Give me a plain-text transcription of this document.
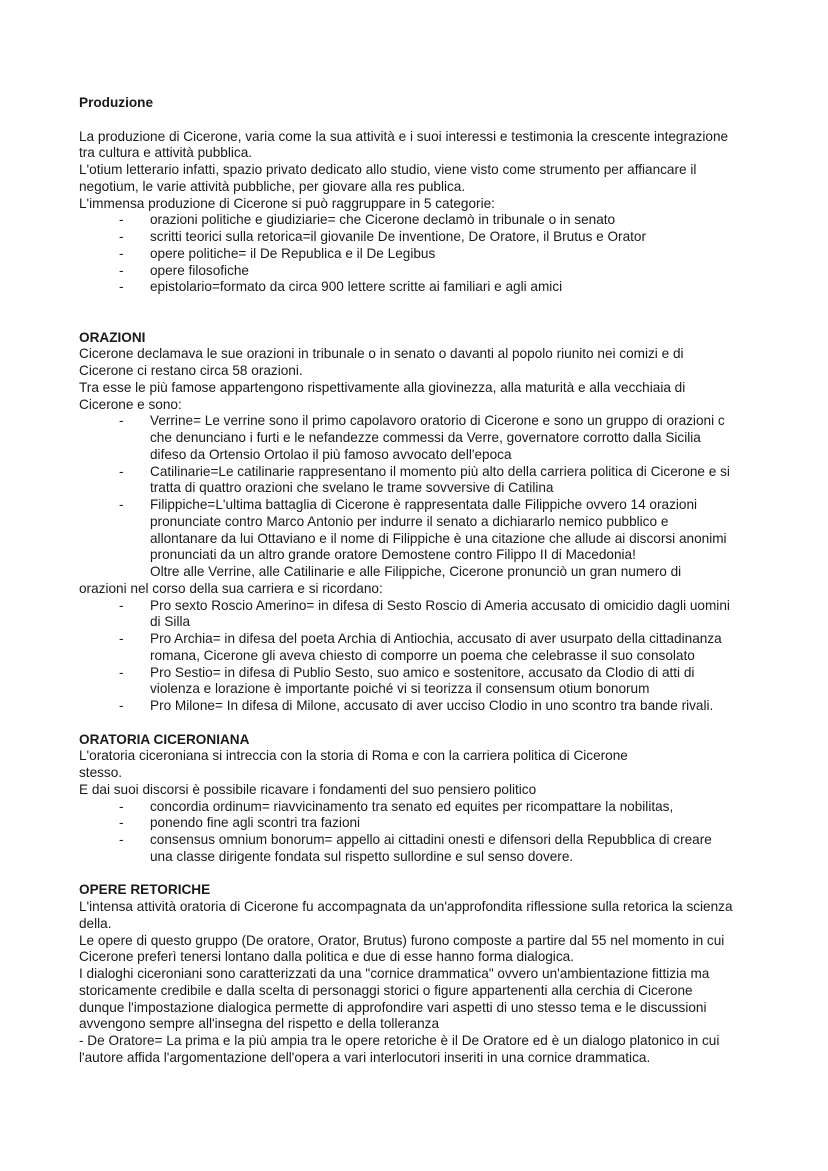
Produzione
La produzione di Cicerone, varia come la sua attività e i suoi interessi e testimonia la crescente integrazione
tra cultura e attività pubblica.
L'otium letterario infatti, spazio privato dedicato allo studio, viene visto come strumento per affiancare il
negotium, le varie attività pubbliche, per giovare alla res publica.
L'immensa produzione di Cicerone si può raggruppare in 5 categorie:
- orazioni politiche e giudiziarie= che Cicerone declamò in tribunale o in senato
- scritti teorici sulla retorica=il giovanile De inventione, De Oratore, il Brutus e Orator
- opere politiche= il De Republica e il De Legibus
- opere filosofiche
- epistolario=formato da circa 900 lettere scritte ai familiari e agli amici
ORAZIONI
Cicerone declamava le sue orazioni in tribunale o in senato o davanti al popolo riunito nei comizi e di
Cicerone ci restano circa 58 orazioni.
Tra esse le più famose appartengono rispettivamente alla giovinezza, alla maturità e alla vecchiaia di
Cicerone e sono:
- Verrine= Le verrine sono il primo capolavoro oratorio di Cicerone e sono un gruppo di orazioni c
che denunciano i furti e le nefandezze commessi da Verre, governatore corrotto dalla Sicilia
difeso da Ortensio Ortolao il più famoso avvocato dell'epoca
- Catilinarie=Le catilinarie rappresentano il momento più alto della carriera politica di Cicerone e si
tratta di quattro orazioni che svelano le trame sovversive di Catilina
- Filippiche=L'ultima battaglia di Cicerone è rappresentata dalle Filippiche ovvero 14 orazioni
pronunciate contro Marco Antonio per indurre il senato a dichiararlo nemico pubblico e
allontanare da lui Ottaviano e il nome di Filippiche è una citazione che allude ai discorsi anonimi
pronunciati da un altro grande oratore Demostene contro Filippo II di Macedonia!
Oltre alle Verrine, alle Catilinarie e alle Filippiche, Cicerone pronunciò un gran numero di
orazioni nel corso della sua carriera e si ricordano:
- Pro sexto Roscio Amerino= in difesa di Sesto Roscio di Ameria accusato di omicidio dagli uomini
di Silla
- Pro Archia= in difesa del poeta Archia di Antiochia, accusato di aver usurpato della cittadinanza
romana, Cicerone gli aveva chiesto di comporre un poema che celebrasse il suo consolato
- Pro Sestio= in difesa di Publio Sesto, suo amico e sostenitore, accusato da Clodio di atti di
violenza e lorazione è importante poiché vi si teorizza il consensum otium bonorum
- Pro Milone= In difesa di Milone, accusato di aver ucciso Clodio in uno scontro tra bande rivali.
ORATORIA CICERONIANA
L'oratoria ciceroniana si intreccia con la storia di Roma e con la carriera politica di Cicerone
stesso.
E dai suoi discorsi è possibile ricavare i fondamenti del suo pensiero politico
- concordia ordinum= riavvicinamento tra senato ed equites per ricompattare la nobilitas,
- ponendo fine agli scontri tra fazioni
- consensus omnium bonorum= appello ai cittadini onesti e difensori della Repubblica di creare
una classe dirigente fondata sul rispetto sullordine e sul senso dovere.
OPERE RETORICHE
L'intensa attività oratoria di Cicerone fu accompagnata da un'approfondita riflessione sulla retorica la scienza
della.
Le opere di questo gruppo (De oratore, Orator, Brutus) furono composte a partire dal 55 nel momento in cui
Cicerone preferì tenersi lontano dalla politica e due di esse hanno forma dialogica.
I dialoghi ciceroniani sono caratterizzati da una "cornice drammatica" ovvero un'ambientazione fittizia ma
storicamente credibile e dalla scelta di personaggi storici o figure appartenenti alla cerchia di Cicerone
dunque l'impostazione dialogica permette di approfondire vari aspetti di uno stesso tema e le discussioni
avvengono sempre all'insegna del rispetto e della tolleranza
- De Oratore= La prima e la più ampia tra le opere retoriche è il De Oratore ed è un dialogo platonico in cui
l'autore affida l'argomentazione dell'opera a vari interlocutori inseriti in una cornice drammatica.
